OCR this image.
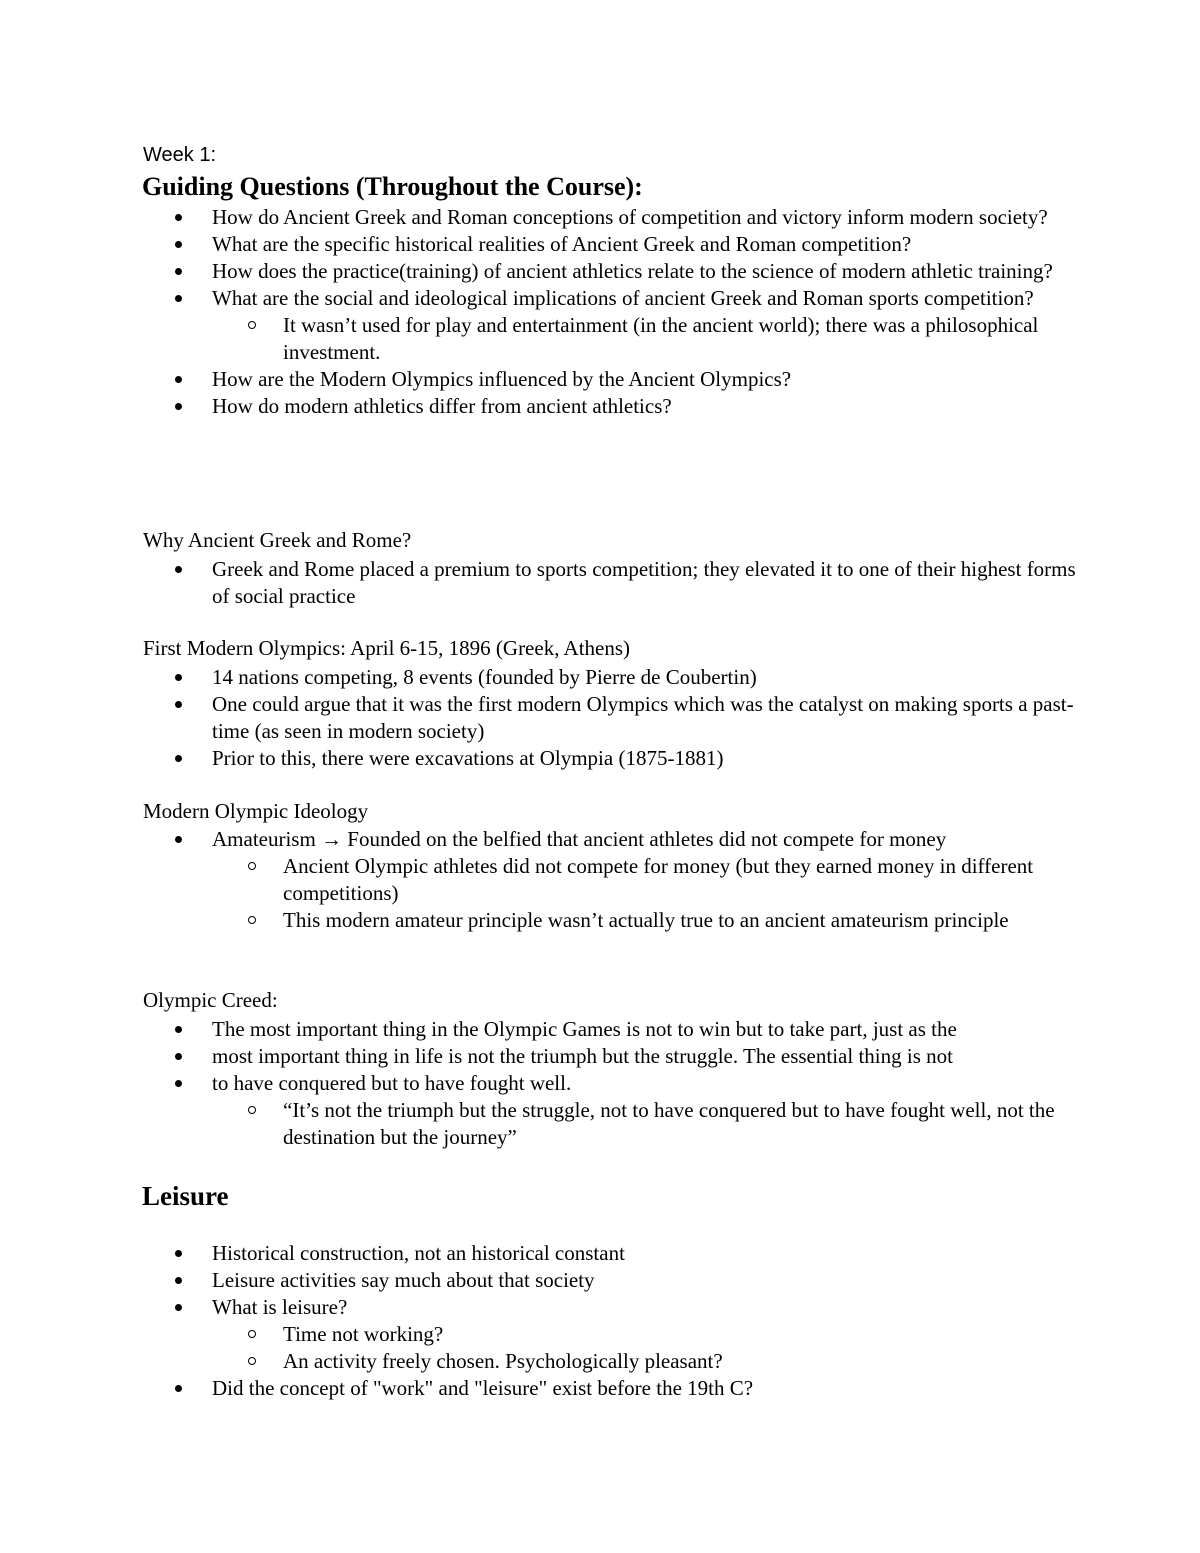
Week 1:
Guiding Questions (Throughout the Course):
How do Ancient Greek and Roman conceptions of competition and victory inform modern society?
What are the specific historical realities of Ancient Greek and Roman competition?
How does the practice(training) of ancient athletics relate to the science of modern athletic training?
What are the social and ideological implications of ancient Greek and Roman sports competition?
It wasn’t used for play and entertainment (in the ancient world); there was a philosophical investment.
How are the Modern Olympics influenced by the Ancient Olympics?
How do modern athletics differ from ancient athletics?

Why Ancient Greek and Rome?

Greek and Rome placed a premium to sports competition; they elevated it to one of their highest forms of social practice

First Modern Olympics: April 6-15, 1896 (Greek, Athens)

14 nations competing, 8 events (founded by Pierre de Coubertin)
One could argue that it was the first modern Olympics which was the catalyst on making sports a past-time (as seen in modern society)
Prior to this, there were excavations at Olympia (1875-1881)

Modern Olympic Ideology

Amateurism → Founded on the belfied that ancient athletes did not compete for money
Ancient Olympic athletes did not compete for money (but they earned money in different competitions)
This modern amateur principle wasn’t actually true to an ancient amateurism principle

Olympic Creed:

The most important thing in the Olympic Games is not to win but to take part, just as the
most important thing in life is not the triumph but the struggle. The essential thing is not
to have conquered but to have fought well.
“It’s not the triumph but the struggle, not to have conquered but to have fought well, not the destination but the journey”
Leisure
Historical construction, not an historical constant
Leisure activities say much about that society
What is leisure?
Time not working?
An activity freely chosen. Psychologically pleasant?
Did the concept of "work" and "leisure" exist before the 19th C?
